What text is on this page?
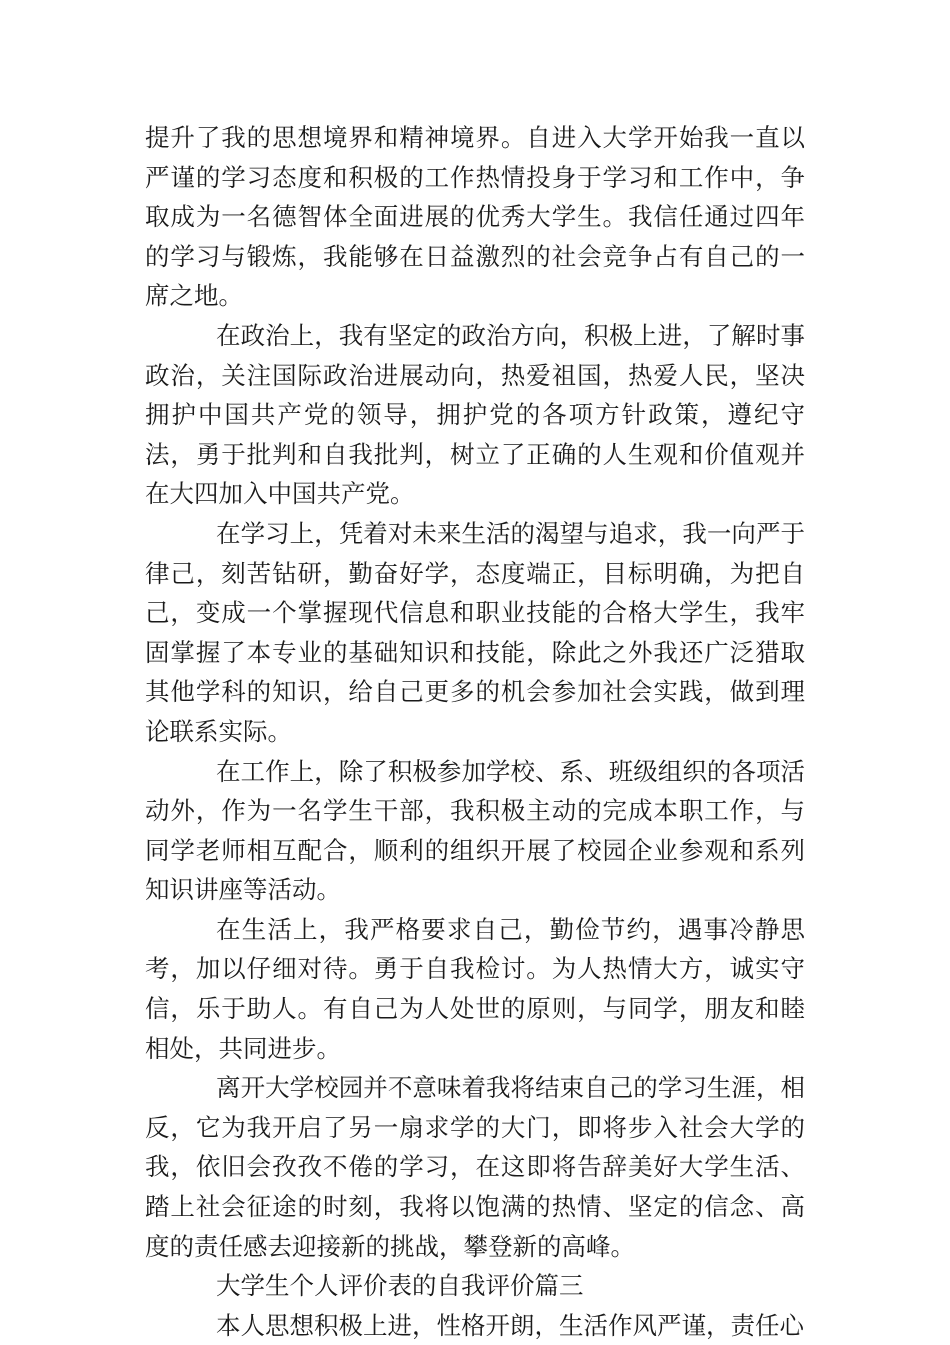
提升了我的思想境界和精神境界。自进入大学开始我一直以严谨的学习态度和积极的工作热情投身于学习和工作中，争取成为一名德智体全面进展的优秀大学生。我信任通过四年的学习与锻炼，我能够在日益激烈的社会竞争占有自己的一席之地。

在政治上，我有坚定的政治方向，积极上进，了解时事政治，关注国际政治进展动向，热爱祖国，热爱人民，坚决拥护中国共产党的领导，拥护党的各项方针政策，遵纪守法，勇于批判和自我批判，树立了正确的人生观和价值观并在大四加入中国共产党。

在学习上，凭着对未来生活的渴望与追求，我一向严于律己，刻苦钻研，勤奋好学，态度端正，目标明确，为把自己，变成一个掌握现代信息和职业技能的合格大学生，我牢固掌握了本专业的基础知识和技能，除此之外我还广泛猎取其他学科的知识，给自己更多的机会参加社会实践，做到理论联系实际。

在工作上，除了积极参加学校、系、班级组织的各项活动外，作为一名学生干部，我积极主动的完成本职工作，与同学老师相互配合，顺利的组织开展了校园企业参观和系列知识讲座等活动。

在生活上，我严格要求自己，勤俭节约，遇事冷静思考，加以仔细对待。勇于自我检讨。为人热情大方，诚实守信，乐于助人。有自己为人处世的原则，与同学，朋友和睦相处，共同进步。

离开大学校园并不意味着我将结束自己的学习生涯，相反，它为我开启了另一扇求学的大门，即将步入社会大学的我，依旧会孜孜不倦的学习，在这即将告辞美好大学生活、踏上社会征途的时刻，我将以饱满的热情、坚定的信念、高度的责任感去迎接新的挑战，攀登新的高峰。

大学生个人评价表的自我评价篇三

本人思想积极上进，性格开朗，生活作风严谨，责任心
